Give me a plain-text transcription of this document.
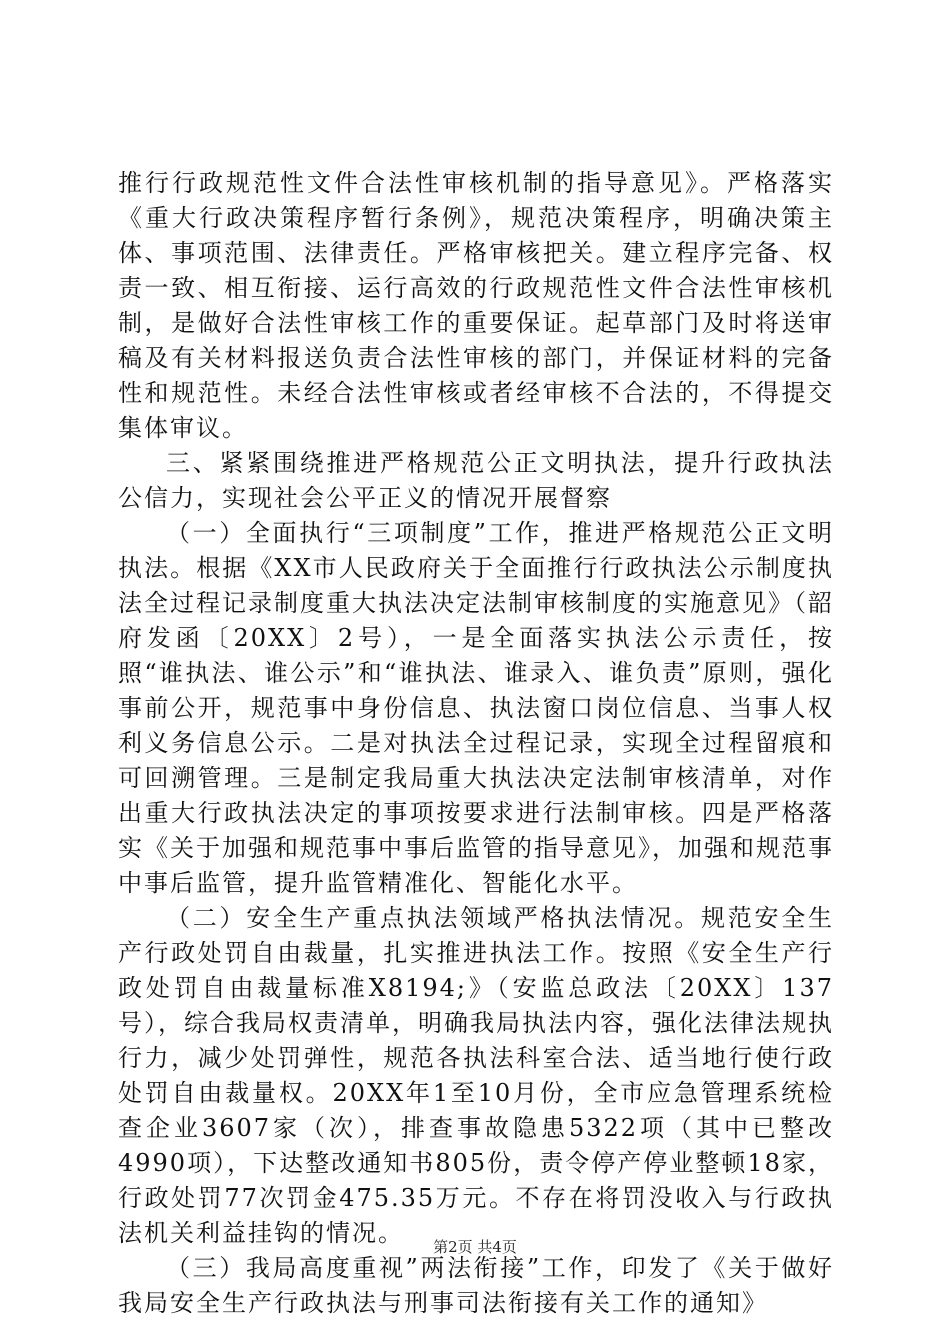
推行行政规范性文件合法性审核机制的指导意见》。严格落实《重大行政决策程序暂行条例》，规范决策程序，明确决策主体、事项范围、法律责任。严格审核把关。建立程序完备、权责一致、相互衔接、运行高效的行政规范性文件合法性审核机制，是做好合法性审核工作的重要保证。起草部门及时将送审稿及有关材料报送负责合法性审核的部门，并保证材料的完备性和规范性。未经合法性审核或者经审核不合法的，不得提交集体审议。

三、紧紧围绕推进严格规范公正文明执法，提升行政执法公信力，实现社会公平正义的情况开展督察

（一）全面执行“三项制度”工作，推进严格规范公正文明执法。根据《XX市人民政府关于全面推行行政执法公示制度执法全过程记录制度重大执法决定法制审核制度的实施意见》（韶府发函〔20XX〕2号），一是全面落实执法公示责任，按照“谁执法、谁公示”和“谁执法、谁录入、谁负责”原则，强化事前公开，规范事中身份信息、执法窗口岗位信息、当事人权利义务信息公示。二是对执法全过程记录，实现全过程留痕和可回溯管理。三是制定我局重大执法决定法制审核清单，对作出重大行政执法决定的事项按要求进行法制审核。四是严格落实《关于加强和规范事中事后监管的指导意见》，加强和规范事中事后监管，提升监管精准化、智能化水平。

（二）安全生产重点执法领域严格执法情况。规范安全生产行政处罚自由裁量，扎实推进执法工作。按照《安全生产行政处罚自由裁量标准X8194;》（安监总政法〔20XX〕137号），综合我局权责清单，明确我局执法内容，强化法律法规执行力，减少处罚弹性，规范各执法科室合法、适当地行使行政处罚自由裁量权。20XX年1至10月份，全市应急管理系统检查企业3607家（次），排查事故隐患5322项（其中已整改4990项），下达整改通知书805份，责令停产停业整顿18家，行政处罚77次罚金475.35万元。不存在将罚没收入与行政执法机关利益挂钩的情况。

（三）我局高度重视”两法衔接”工作，印发了《关于做好我局安全生产行政执法与刑事司法衔接有关工作的通知》

第2页 共4页
